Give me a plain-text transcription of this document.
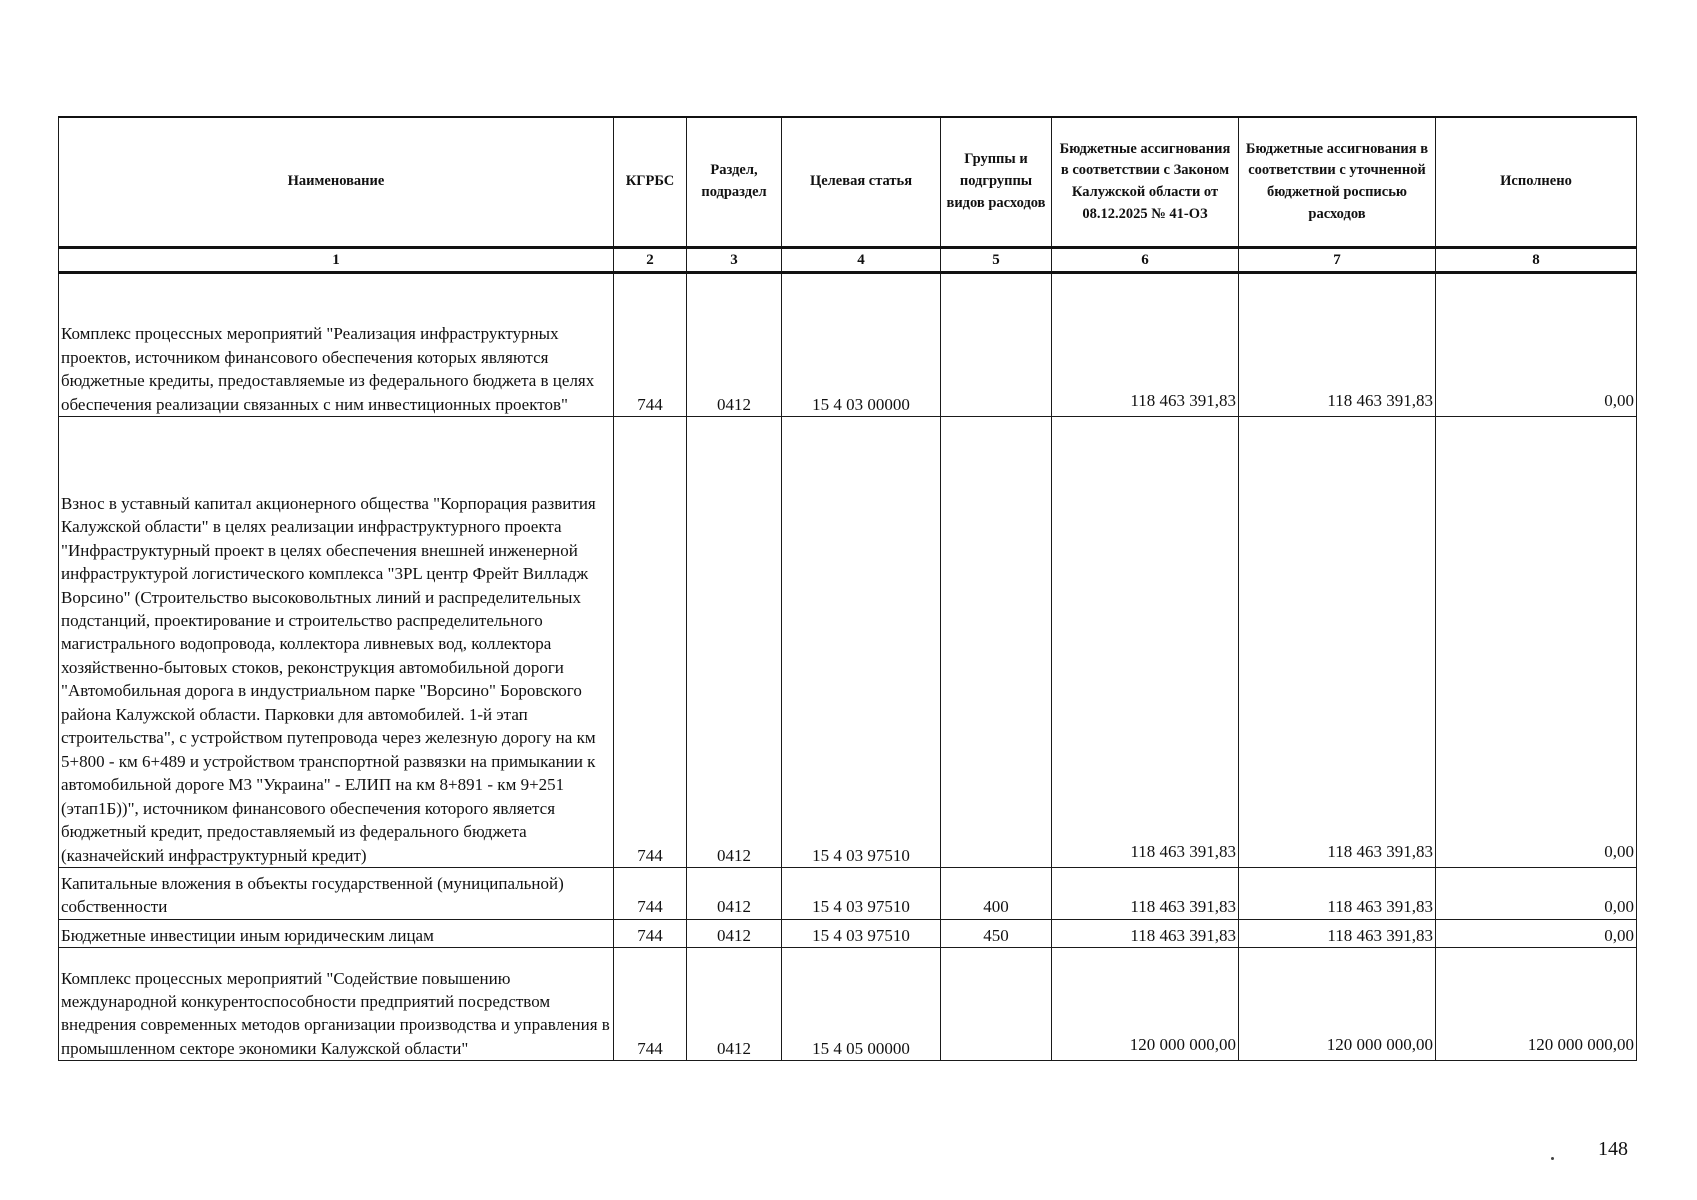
Наименование	КГРБС	Раздел, подраздел	Целевая статья	Группы и подгруппы видов расходов	Бюджетные ассигнования в соответствии с Законом Калужской области от 08.12.2025 № 41-ОЗ	Бюджетные ассигнования в соответствии с уточненной бюджетной росписью расходов	Исполнено
1	2	3	4	5	6	7	8
Комплекс процессных мероприятий "Реализация инфраструктурных проектов, источником финансового обеспечения которых являются бюджетные кредиты, предоставляемые из федерального бюджета в целях обеспечения реализации связанных с ним инвестиционных проектов"	744	0412	15 4 03 00000		118 463 391,83	118 463 391,83	0,00
Взнос в уставный капитал акционерного общества "Корпорация развития Калужской области" в целях реализации инфраструктурного проекта "Инфраструктурный проект в целях обеспечения внешней инженерной инфраструктурой логистического комплекса "3PL центр Фрейт Вилладж Ворсино" (Строительство высоковольтных линий и распределительных подстанций, проектирование и строительство распределительного магистрального водопровода, коллектора ливневых вод, коллектора хозяйственно-бытовых стоков, реконструкция автомобильной дороги "Автомобильная дорога в индустриальном парке "Ворсино" Боровского района Калужской области. Парковки для автомобилей. 1-й этап строительства", с устройством путепровода через железную дорогу на км 5+800 - км 6+489 и устройством транспортной развязки на примыкании к автомобильной дороге М3 "Украина" - ЕЛИП на км 8+891 - км 9+251 (этап1Б))", источником финансового обеспечения которого является бюджетный кредит, предоставляемый из федерального бюджета (казначейский инфраструктурный кредит)	744	0412	15 4 03 97510		118 463 391,83	118 463 391,83	0,00
Капитальные вложения в объекты государственной (муниципальной) собственности	744	0412	15 4 03 97510	400	118 463 391,83	118 463 391,83	0,00
Бюджетные инвестиции иным юридическим лицам	744	0412	15 4 03 97510	450	118 463 391,83	118 463 391,83	0,00
Комплекс процессных мероприятий "Содействие повышению международной конкурентоспособности предприятий посредством внедрения современных методов организации производства и управления в промышленном секторе экономики Калужской области"	744	0412	15 4 05 00000		120 000 000,00	120 000 000,00	120 000 000,00
148
